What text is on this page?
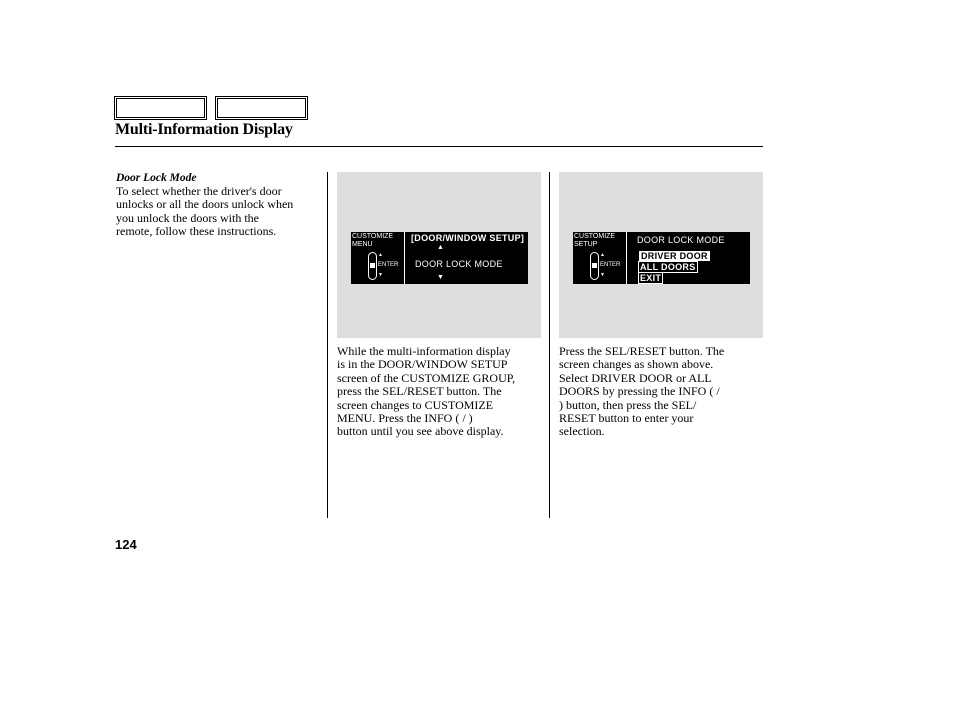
Multi-Information Display
Door Lock Mode
To select whether the driver's door
unlocks or all the doors unlock when
you unlock the doors with the
remote, follow these instructions.	CUSTOMIZE
MENU
▲
ENTER
▼
[DOOR/WINDOW SETUP]
▲
DOOR LOCK MODE
▼
CUSTOMIZE
SETUP
▲
ENTER
▼
DOOR LOCK MODE
DRIVER DOOR
ALL DOORS
EXIT
While the multi-information display
is in the DOOR/WINDOW SETUP
screen of the CUSTOMIZE GROUP,
press the SEL/RESET button. The
screen changes to CUSTOMIZE
MENU. Press the INFO ( / )
button until you see above display.
Press the SEL/RESET button. The
screen changes as shown above.
Select DRIVER DOOR or ALL
DOORS by pressing the INFO ( /
) button, then press the SEL/
RESET button to enter your
selection.
124
